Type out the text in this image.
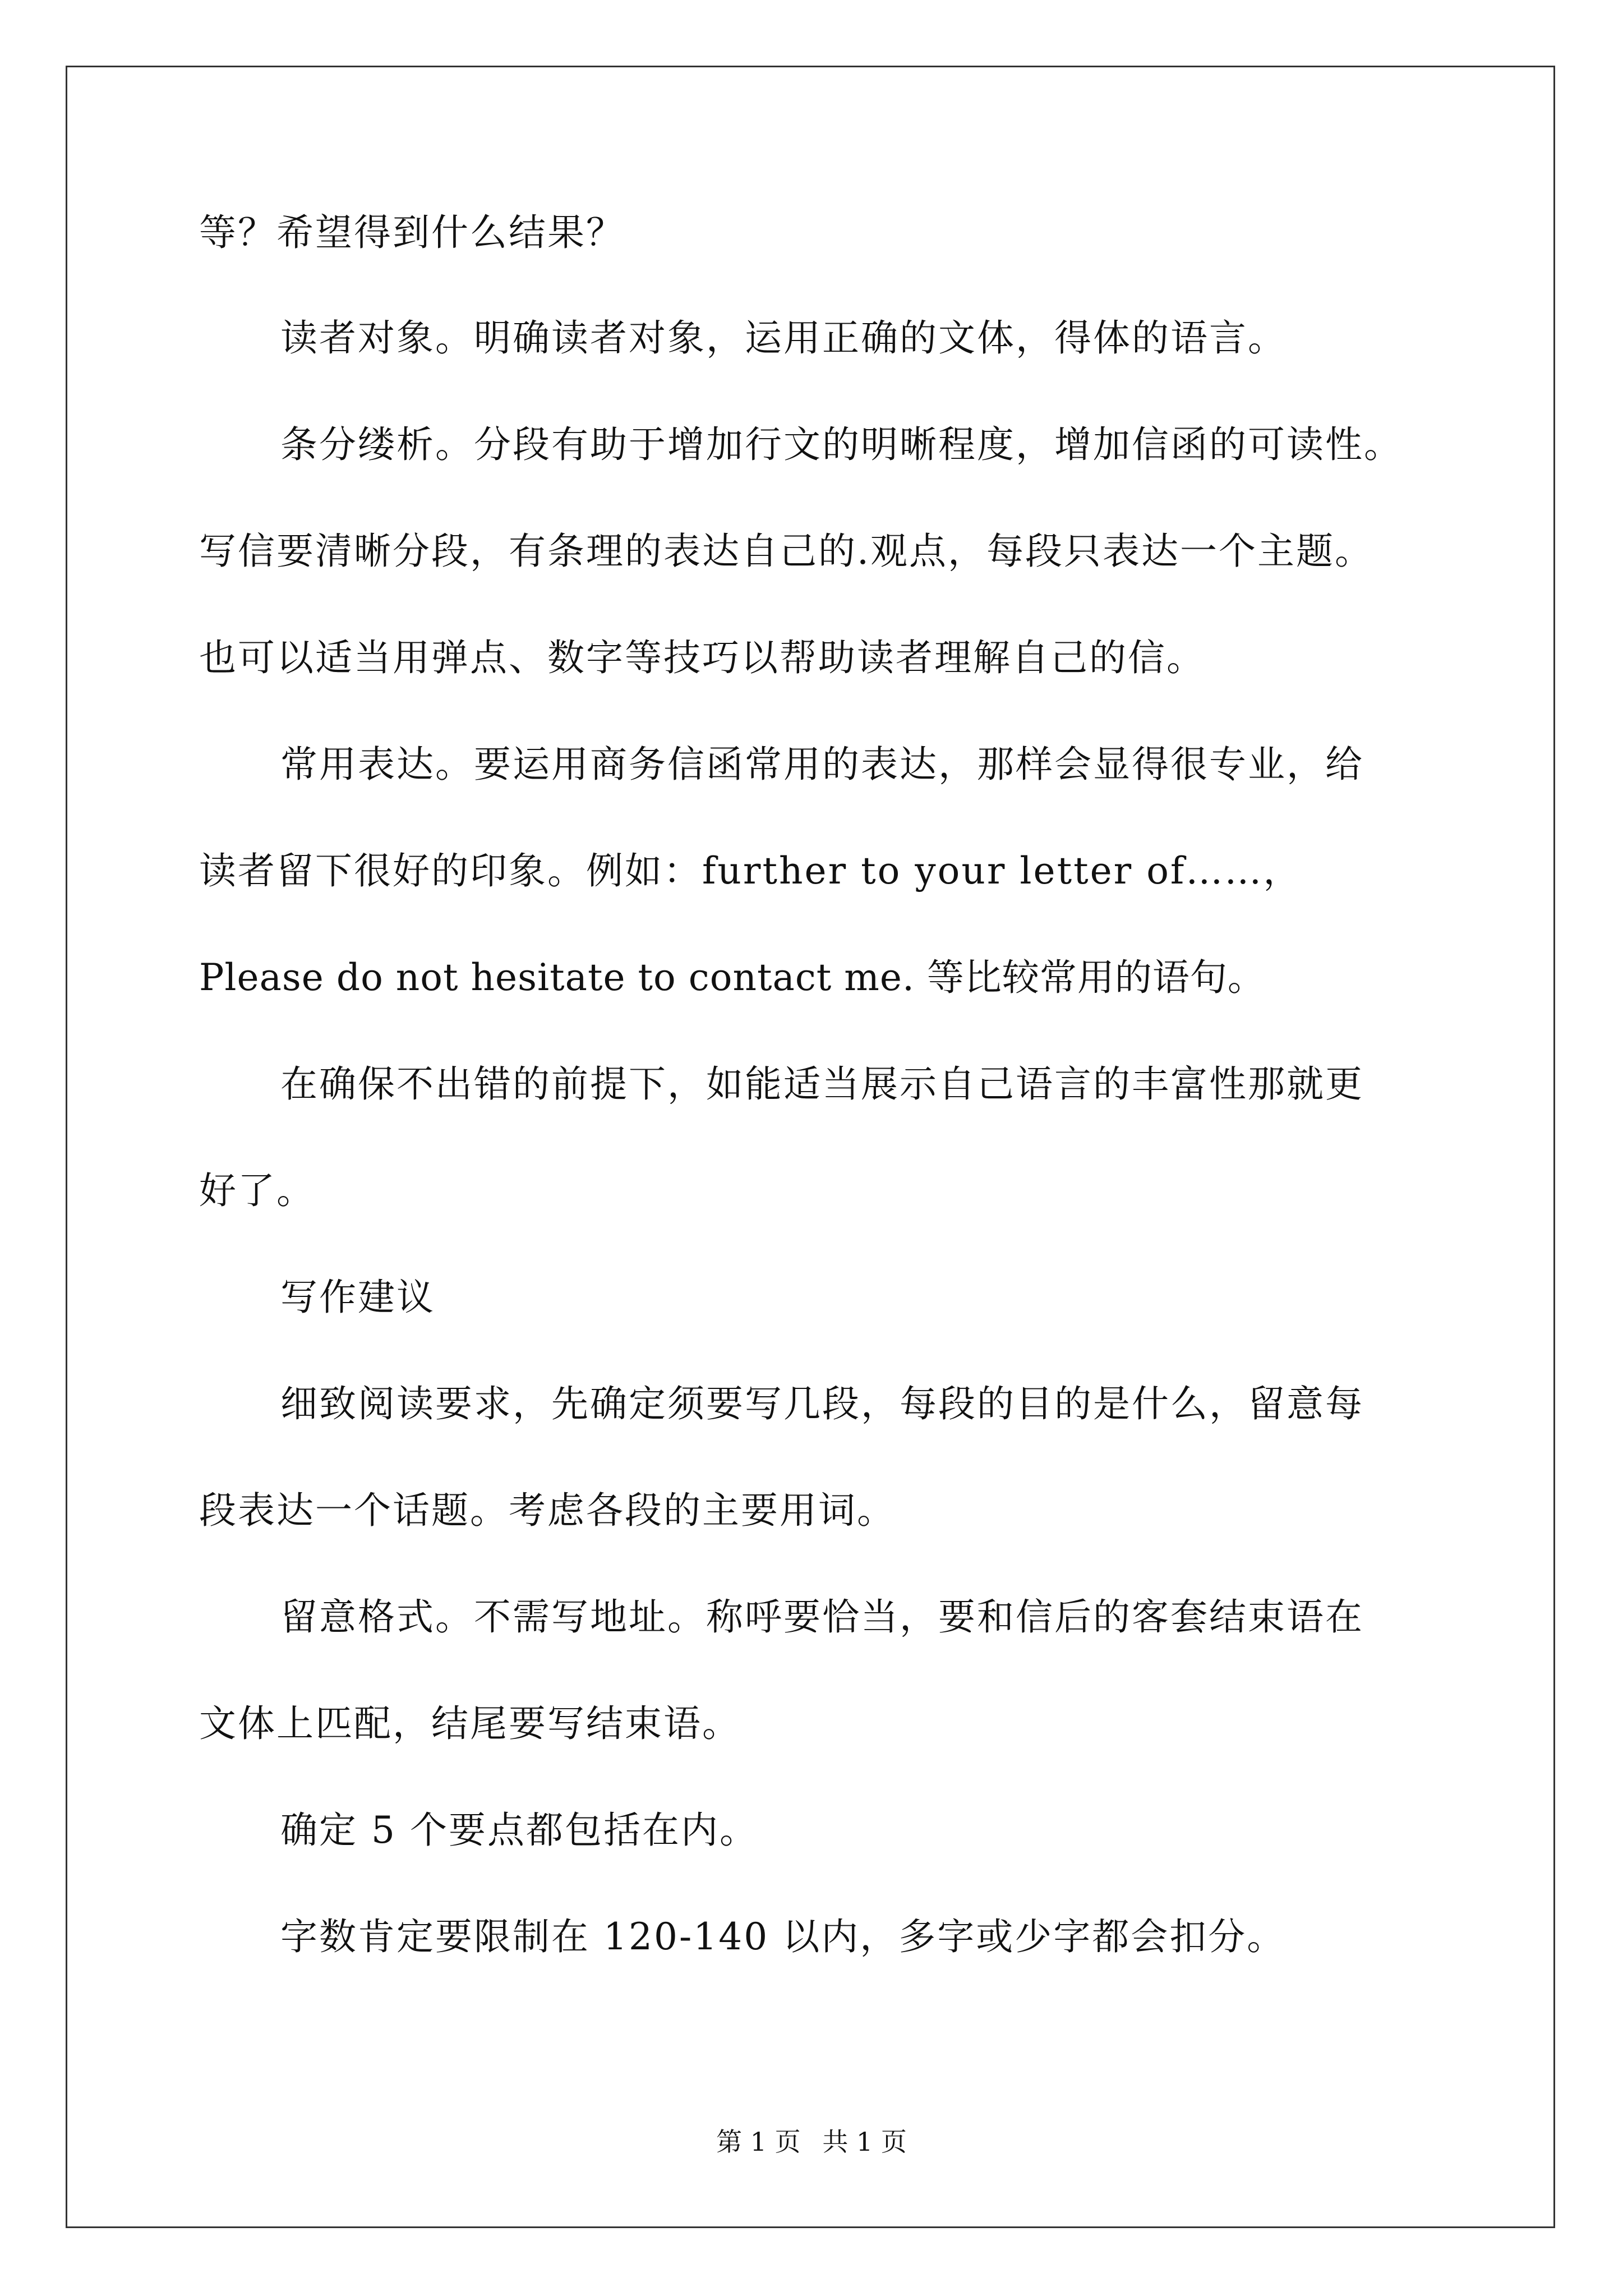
等？希望得到什么结果？
读者对象。明确读者对象，运用正确的文体，得体的语言。
条分缕析。分段有助于增加行文的明晰程度，增加信函的可读性。
写信要清晰分段，有条理的表达自己的.观点，每段只表达一个主题。
也可以适当用弹点、数字等技巧以帮助读者理解自己的信。
常用表达。要运用商务信函常用的表达，那样会显得很专业，给
读者留下很好的印象。例如：further to your letter of……，
Please do not hesitate to contact me. 等比较常用的语句。
在确保不出错的前提下，如能适当展示自己语言的丰富性那就更
好了。
写作建议
细致阅读要求，先确定须要写几段，每段的目的是什么，留意每
段表达一个话题。考虑各段的主要用词。
留意格式。不需写地址。称呼要恰当，要和信后的客套结束语在
文体上匹配，结尾要写结束语。
确定 5 个要点都包括在内。
字数肯定要限制在 120-140 以内，多字或少字都会扣分。
第 1 页 共 1 页
